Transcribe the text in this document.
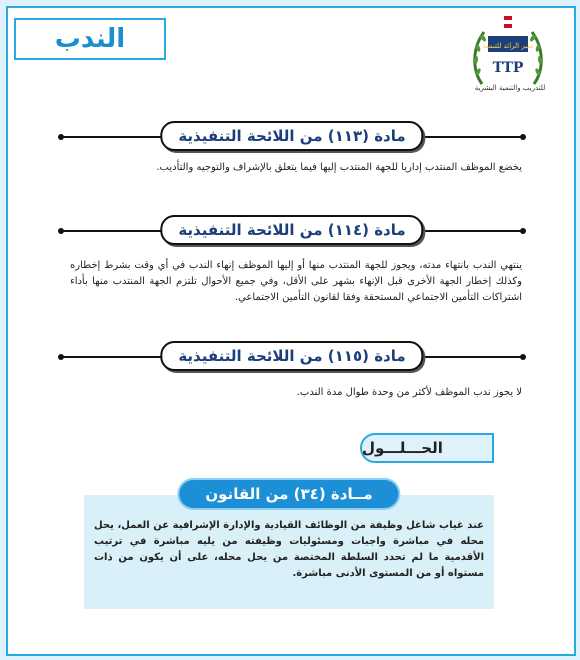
الندب	منبر الرائد للتنمية
TTP
للتدريب والتنمية البشرية
مادة (١١٣) من اللائحة التنفيذية
يخضع الموظف المنتدب إداريا للجهة المنتدب إليها فيما يتعلق بالإشراف والتوجيه والتأديب.
مادة (١١٤) من اللائحة التنفيذية
ينتهي الندب بانتهاء مدته، ويجوز للجهة المنتدب منها أو إليها الموظف إنهاء الندب في أي وقت بشرط إخطاره وكذلك إخطار الجهة الأخرى قبل الإنهاء بشهر على الأقل، وفي جميع الأحوال تلتزم الجهة المنتدب منها بأداء اشتراكات التأمين الاجتماعي المستحقة وفقا لقانون التأمين الاجتماعي.
مادة (١١٥) من اللائحة التنفيذية
لا يجوز ندب الموظف لأكثر من وحدة طوال مدة الندب.
الحـــلـــول
مــادة (٣٤) من القانون
عند غياب شاغل وظيفة من الوظائف القيادية والإدارة الإشرافية عن العمل، يحل محله في مباشرة واجبات ومسئوليات وظيفته من يليه مباشرة في ترتيب الأقدمية ما لم تحدد السلطة المختصة من يحل محله، على أن يكون من ذات مستواه أو من المستوى الأدنى مباشرة.
